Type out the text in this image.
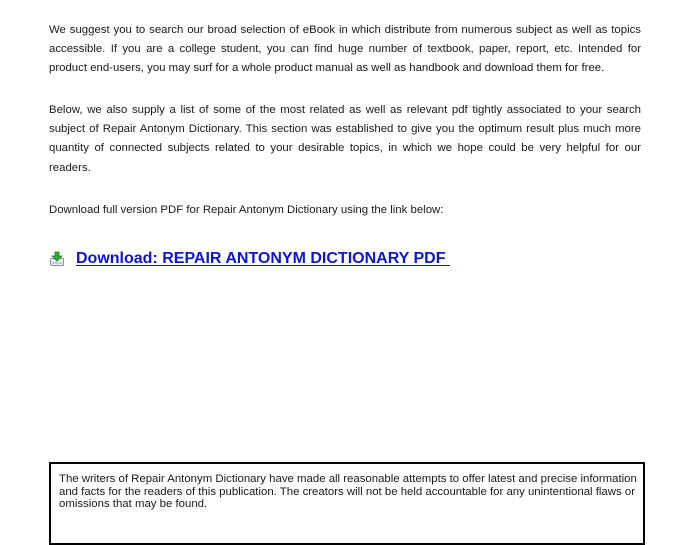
We suggest you to search our broad selection of eBook in which distribute from numerous subject as well as topics accessible. If you are a college student, you can find huge number of textbook, paper, report, etc. Intended for product end-users, you may surf for a whole product manual as well as handbook and download them for free.

Below, we also supply a list of some of the most related as well as relevant pdf tightly associated to your search subject of Repair Antonym Dictionary. This section was established to give you the optimum result plus much more quantity of connected subjects related to your desirable topics, in which we hope could be very helpful for our readers.

Download full version PDF for Repair Antonym Dictionary using the link below:

Download: REPAIR ANTONYM DICTIONARY PDF

The writers of Repair Antonym Dictionary have made all reasonable attempts to offer latest and precise information and facts for the readers of this publication. The creators will not be held accountable for any unintentional flaws or omissions that may be found.
